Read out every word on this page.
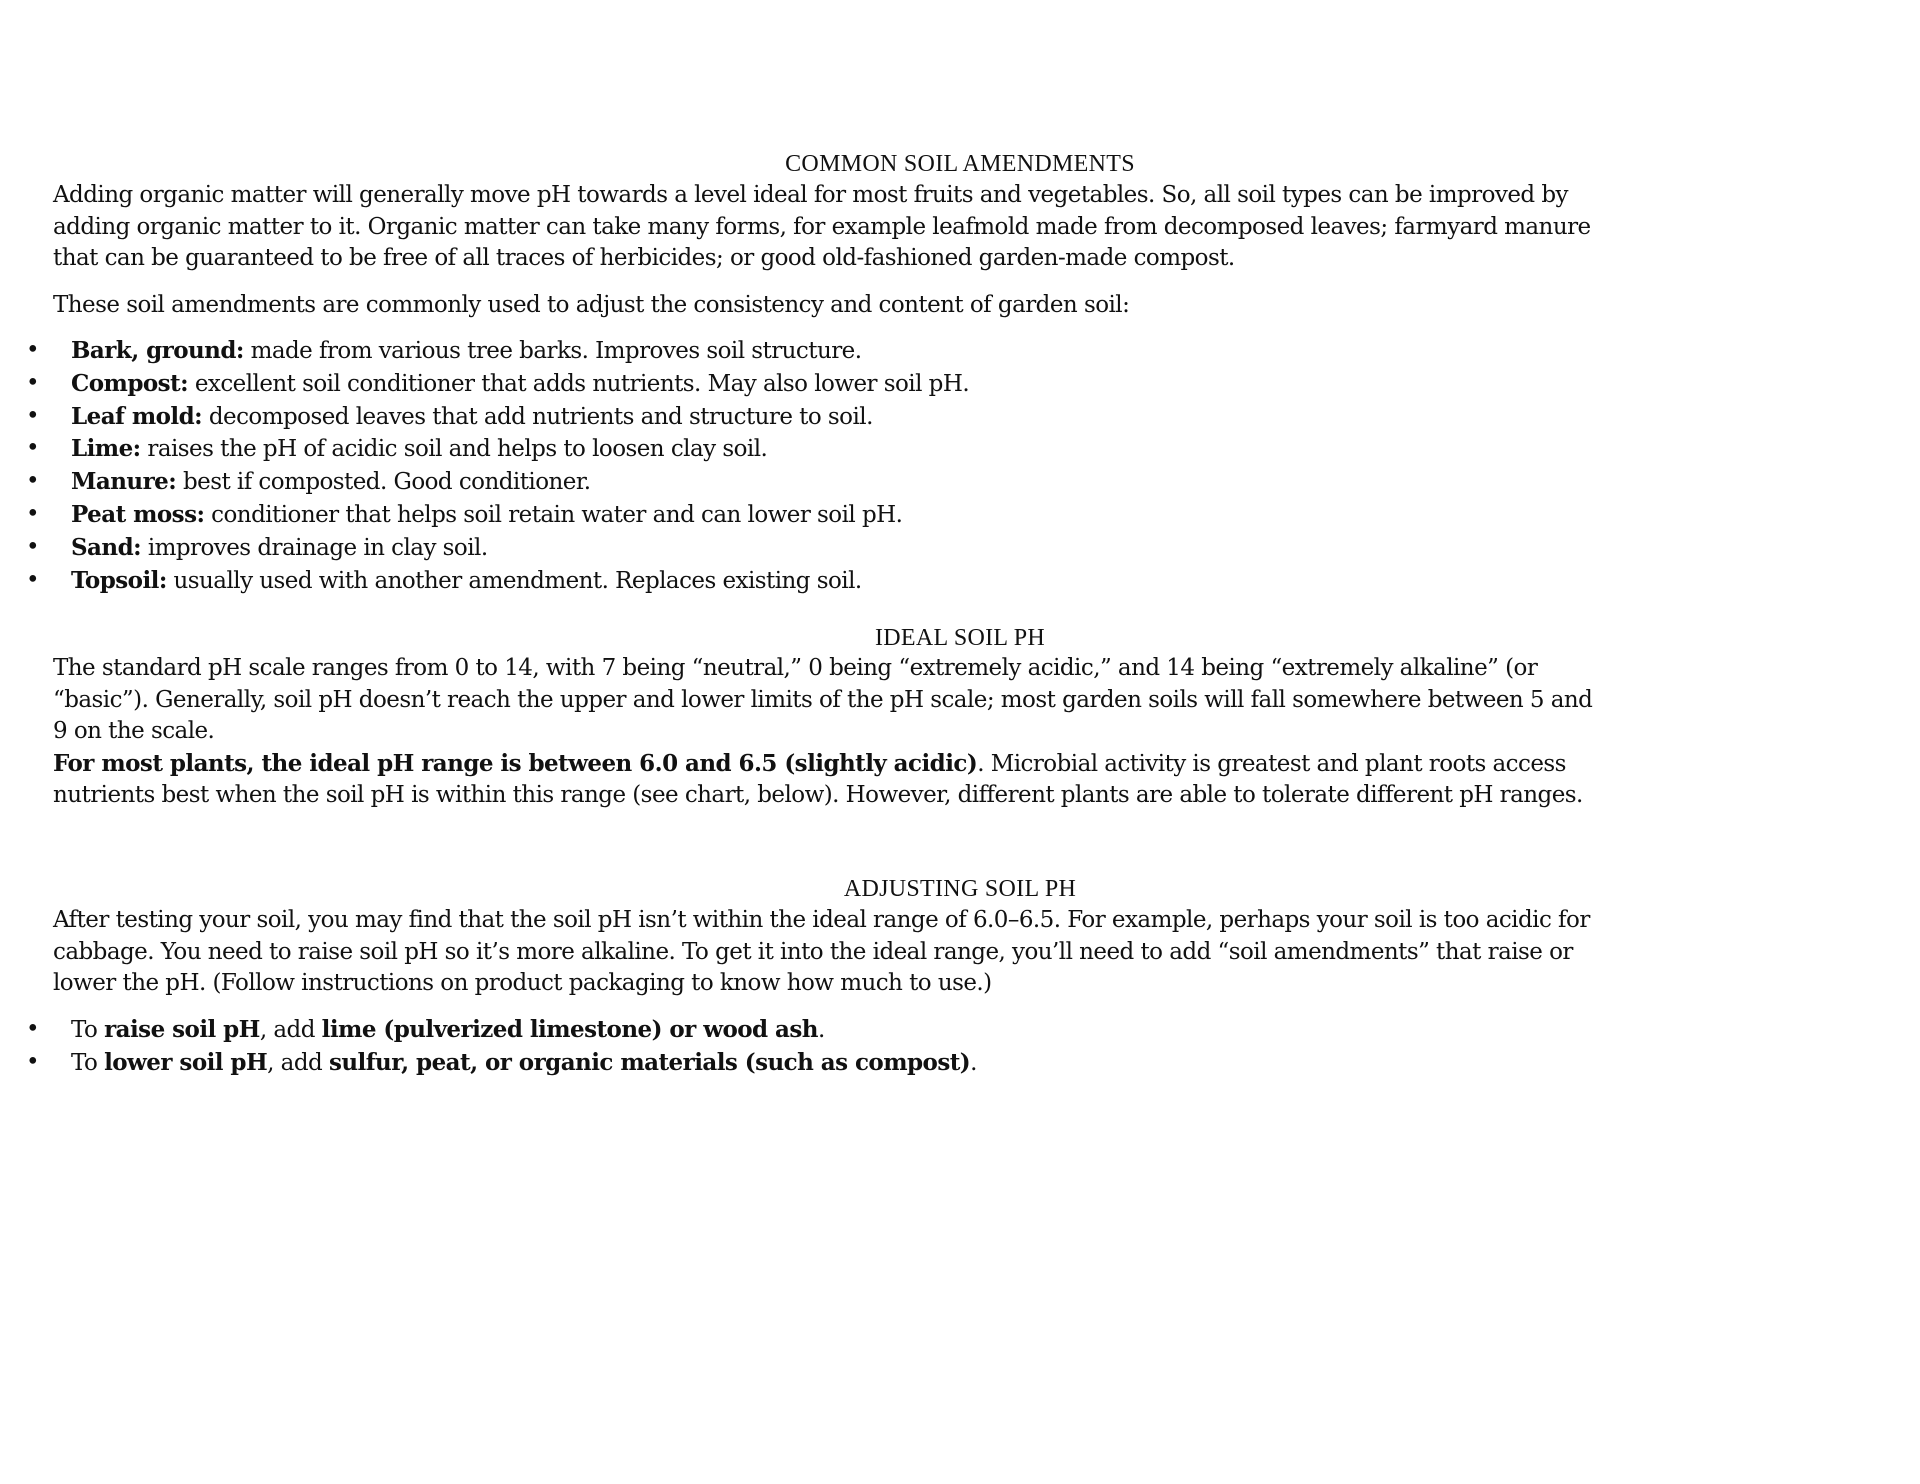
COMMON SOIL AMENDMENTS
Adding organic matter will generally move pH towards a level ideal for most fruits and vegetables. So, all soil types can be improved by
adding organic matter to it. Organic matter can take many forms, for example leafmold made from decomposed leaves; farmyard manure
that can be guaranteed to be free of all traces of herbicides; or good old-fashioned garden-made compost.
These soil amendments are commonly used to adjust the consistency and content of garden soil:
• Bark, ground: made from various tree barks. Improves soil structure.
• Compost: excellent soil conditioner that adds nutrients. May also lower soil pH.
• Leaf mold: decomposed leaves that add nutrients and structure to soil.
• Lime: raises the pH of acidic soil and helps to loosen clay soil.
• Manure: best if composted. Good conditioner.
• Peat moss: conditioner that helps soil retain water and can lower soil pH.
• Sand: improves drainage in clay soil.
• Topsoil: usually used with another amendment. Replaces existing soil.
IDEAL SOIL PH
The standard pH scale ranges from 0 to 14, with 7 being “neutral,” 0 being “extremely acidic,” and 14 being “extremely alkaline” (or
“basic”). Generally, soil pH doesn’t reach the upper and lower limits of the pH scale; most garden soils will fall somewhere between 5 and
9 on the scale.
For most plants, the ideal pH range is between 6.0 and 6.5 (slightly acidic). Microbial activity is greatest and plant roots access
nutrients best when the soil pH is within this range (see chart, below). However, different plants are able to tolerate different pH ranges.
ADJUSTING SOIL PH
After testing your soil, you may find that the soil pH isn’t within the ideal range of 6.0–6.5. For example, perhaps your soil is too acidic for
cabbage. You need to raise soil pH so it’s more alkaline. To get it into the ideal range, you’ll need to add “soil amendments” that raise or
lower the pH. (Follow instructions on product packaging to know how much to use.)
• To raise soil pH, add lime (pulverized limestone) or wood ash.
• To lower soil pH, add sulfur, peat, or organic materials (such as compost).
